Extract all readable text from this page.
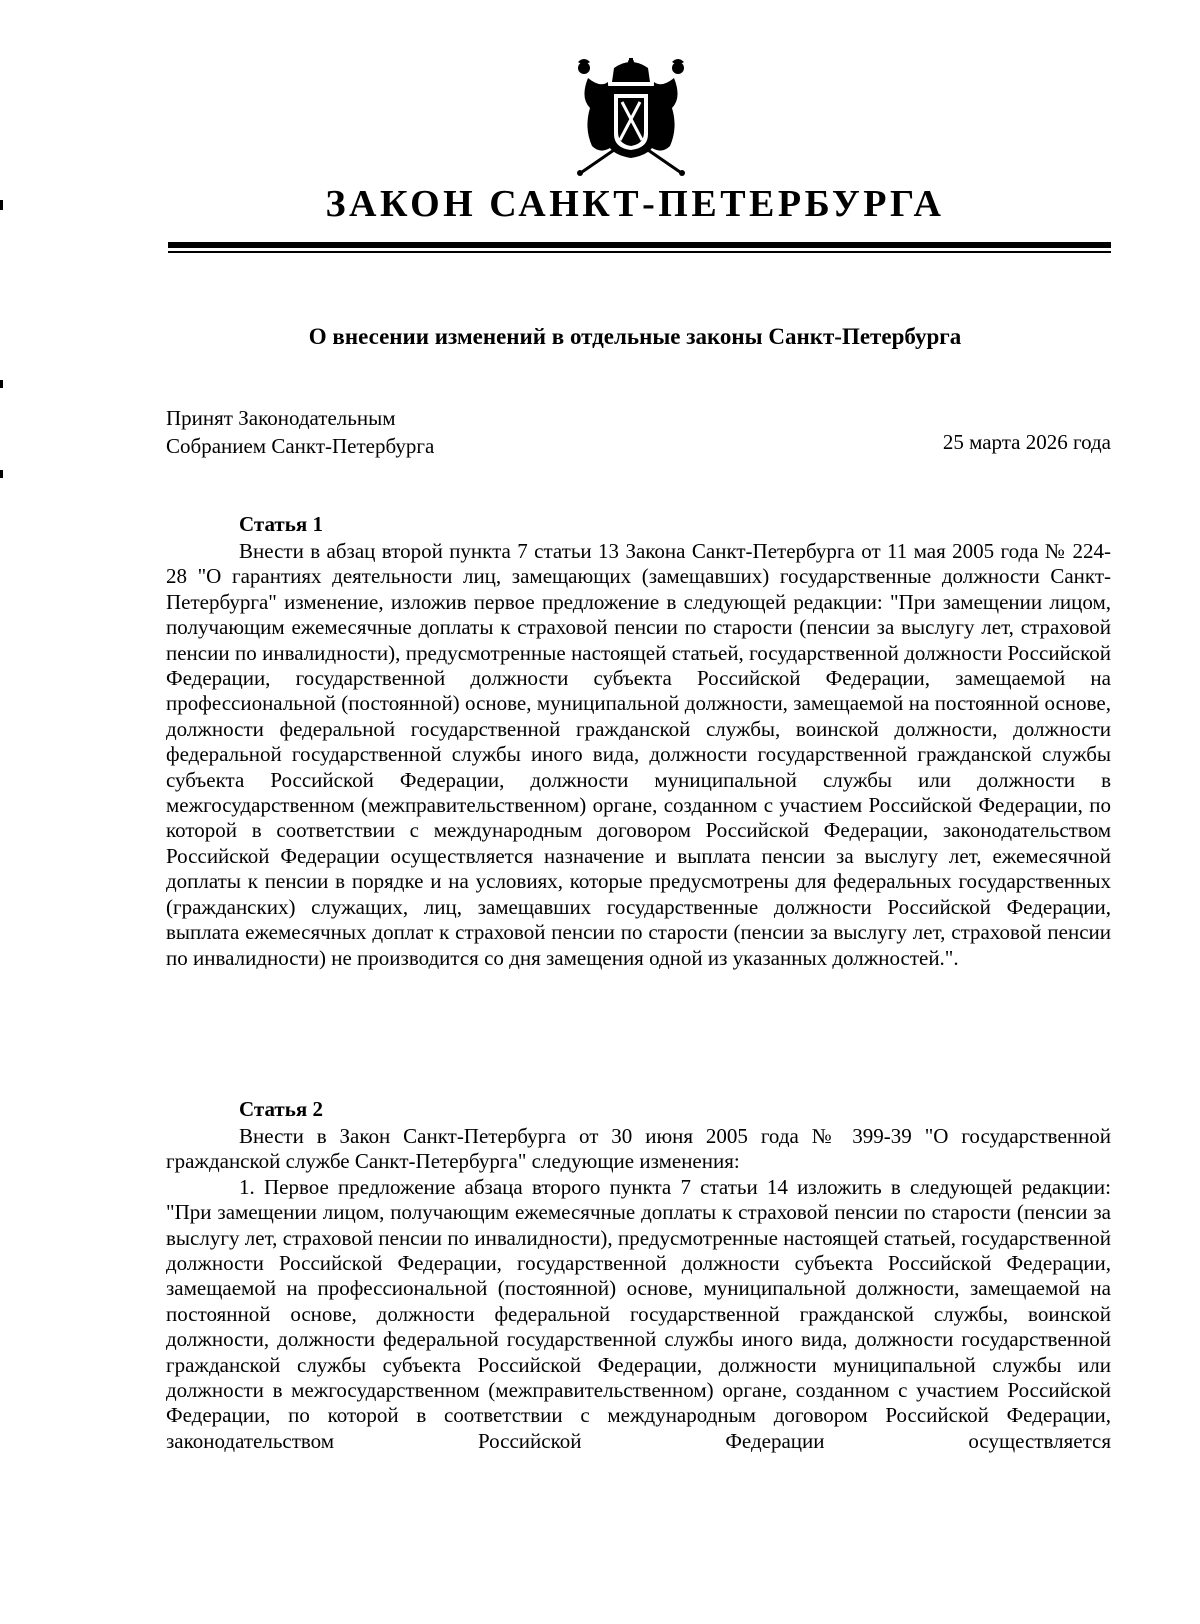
ЗАКОН САНКТ-ПЕТЕРБУРГА
О внесении изменений в отдельные законы Санкт-Петербурга
Принят Законодательным
Собранием Санкт-Петербурга	25 марта 2026 года
Статья 1

Внести в абзац второй пункта 7 статьи 13 Закона Санкт-Петербурга от 11 мая 2005 года № 224-28 "О гарантиях деятельности лиц, замещающих (замещавших) государственные должности Санкт-Петербурга" изменение, изложив первое предложение в следующей редакции: "При замещении лицом, получающим ежемесячные доплаты к страховой пенсии по старости (пенсии за выслугу лет, страховой пенсии по инвалидности), предусмотренные настоящей статьей, государственной должности Российской Федерации, государственной должности субъекта Российской Федерации, замещаемой на профессиональной (постоянной) основе, муниципальной должности, замещаемой на постоянной основе, должности федеральной государственной гражданской службы, воинской должности, должности федеральной государственной службы иного вида, должности государственной гражданской службы субъекта Российской Федерации, должности муниципальной службы или должности в межгосударственном (межправительственном) органе, созданном с участием Российской Федерации, по которой в соответствии с международным договором Российской Федерации, законодательством Российской Федерации осуществляется назначение и выплата пенсии за выслугу лет, ежемесячной доплаты к пенсии в порядке и на условиях, которые предусмотрены для федеральных государственных (гражданских) служащих, лиц, замещавших государственные должности Российской Федерации, выплата ежемесячных доплат к страховой пенсии по старости (пенсии за выслугу лет, страховой пенсии по инвалидности) не производится со дня замещения одной из указанных должностей.".

Статья 2

Внести в Закон Санкт-Петербурга от 30 июня 2005 года № 399-39 "О государственной гражданской службе Санкт-Петербурга" следующие изменения:

1. Первое предложение абзаца второго пункта 7 статьи 14 изложить в следующей редакции: "При замещении лицом, получающим ежемесячные доплаты к страховой пенсии по старости (пенсии за выслугу лет, страховой пенсии по инвалидности), предусмотренные настоящей статьей, государственной должности Российской Федерации, государственной должности субъекта Российской Федерации, замещаемой на профессиональной (постоянной) основе, муниципальной должности, замещаемой на постоянной основе, должности федеральной государственной гражданской службы, воинской должности, должности федеральной государственной службы иного вида, должности государственной гражданской службы субъекта Российской Федерации, должности муниципальной службы или должности в межгосударственном (межправительственном) органе, созданном с участием Российской Федерации, по которой в соответствии с международным договором Российской Федерации, законодательством Российской Федерации осуществляется
